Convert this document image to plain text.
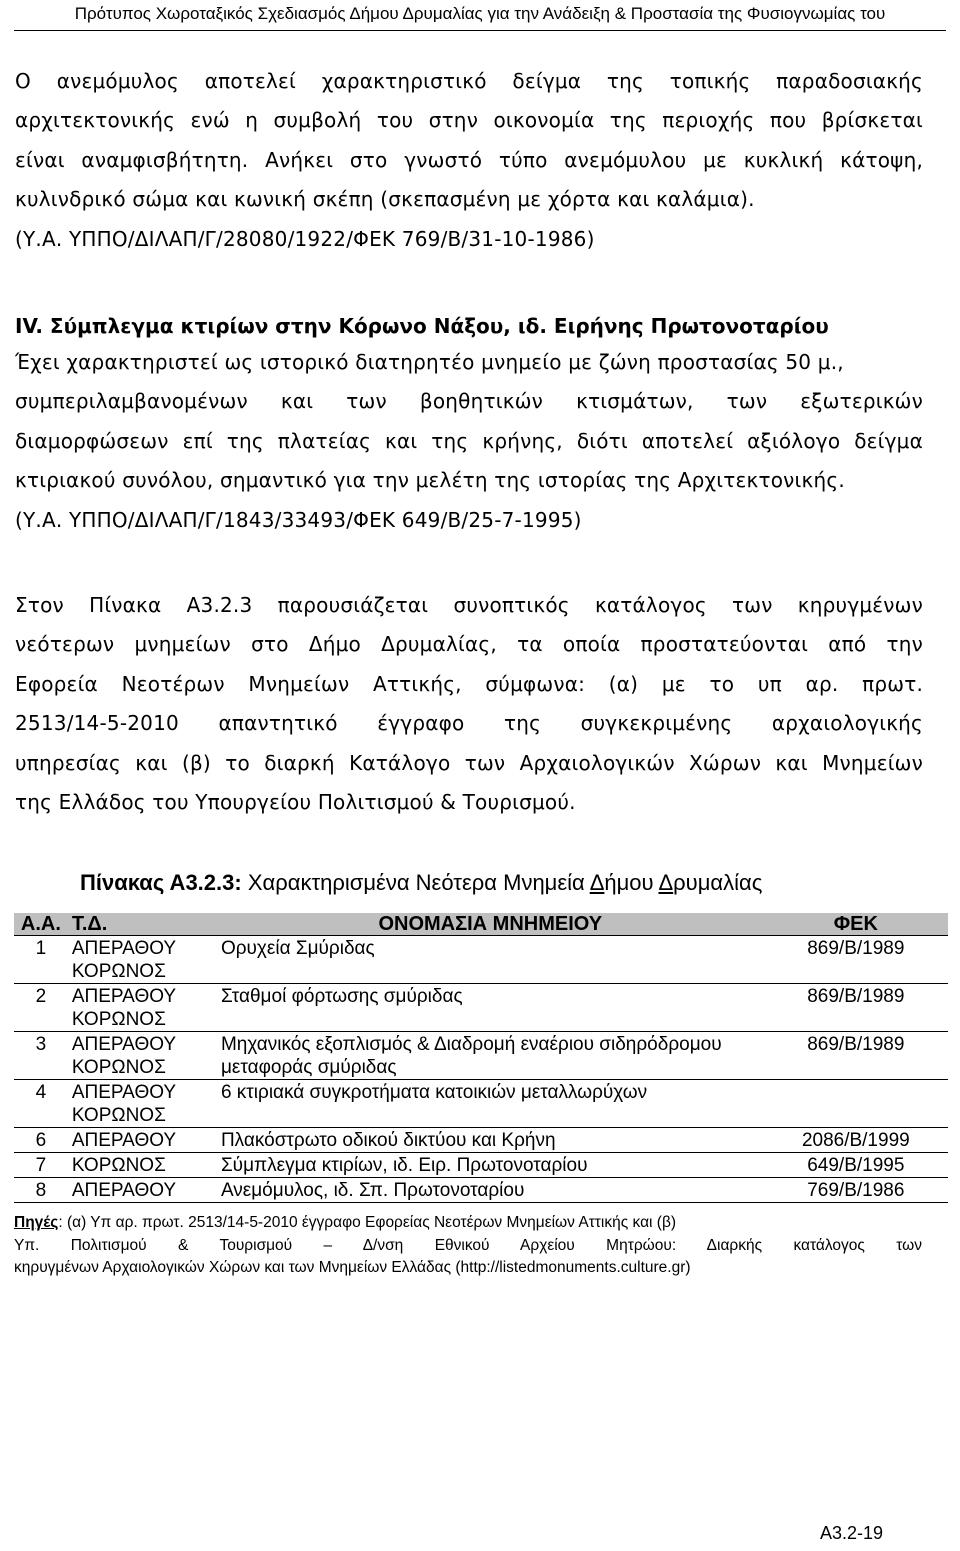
Πρότυπος Χωροταξικός Σχεδιασμός Δήμου Δρυμαλίας για την Ανάδειξη & Προστασία της Φυσιογνωμίας του
Ο ανεμόμυλος αποτελεί χαρακτηριστικό δείγμα της τοπικής παραδοσιακής
αρχιτεκτονικής ενώ η συμβολή του στην οικονομία της περιοχής που βρίσκεται
είναι αναμφισβήτητη. Ανήκει στο γνωστό τύπο ανεμόμυλου με κυκλική κάτοψη,
κυλινδρικό σώμα και κωνική σκέπη (σκεπασμένη με χόρτα και καλάμια).
(Υ.Α. ΥΠΠΟ/ΔΙΛΑΠ/Γ/28080/1922/ΦΕΚ 769/Β/31-10-1986)
IV. Σύμπλεγμα κτιρίων στην Κόρωνο Νάξου, ιδ. Ειρήνης Πρωτονοταρίου
Έχει χαρακτηριστεί ως ιστορικό διατηρητέο μνημείο με ζώνη προστασίας 50 μ.,
συμπεριλαμβανομένων και των βοηθητικών κτισμάτων, των εξωτερικών
διαμορφώσεων επί της πλατείας και της κρήνης, διότι αποτελεί αξιόλογο δείγμα
κτιριακού συνόλου, σημαντικό για την μελέτη της ιστορίας της Αρχιτεκτονικής.
(Υ.Α. ΥΠΠΟ/ΔΙΛΑΠ/Γ/1843/33493/ΦΕΚ 649/Β/25-7-1995)
Στον Πίνακα Α3.2.3 παρουσιάζεται συνοπτικός κατάλογος των κηρυγμένων
νεότερων μνημείων στο Δήμο Δρυμαλίας, τα οποία προστατεύονται από την
Εφορεία Νεοτέρων Μνημείων Αττικής, σύμφωνα: (α) με το υπ αρ. πρωτ.
2513/14-5-2010 απαντητικό έγγραφο της συγκεκριμένης αρχαιολογικής
υπηρεσίας και (β) το διαρκή Κατάλογο των Αρχαιολογικών Χώρων και Μνημείων
της Ελλάδος του Υπουργείου Πολιτισμού & Τουρισμού.
Πίνακας Α3.2.3: Χαρακτηρισμένα Νεότερα Μνημεία Δήμου Δρυμαλίας
Α.Α.	Τ.Δ.	ΟΝΟΜΑΣΙΑ ΜΝΗΜΕΙΟΥ	ΦΕΚ
1	ΑΠΕΡΑΘΟΥ ΚΟΡΩΝΟΣ	Ορυχεία Σμύριδας	869/Β/1989
2	ΑΠΕΡΑΘΟΥ ΚΟΡΩΝΟΣ	Σταθμοί φόρτωσης σμύριδας	869/Β/1989
3	ΑΠΕΡΑΘΟΥ ΚΟΡΩΝΟΣ	Μηχανικός εξοπλισμός & Διαδρομή εναέριου σιδηρόδρομου μεταφοράς σμύριδας	869/Β/1989
4	ΑΠΕΡΑΘΟΥ ΚΟΡΩΝΟΣ	6 κτιριακά συγκροτήματα κατοικιών μεταλλωρύχων	
6	ΑΠΕΡΑΘΟΥ	Πλακόστρωτο οδικού δικτύου και Κρήνη	2086/Β/1999
7	ΚΟΡΩΝΟΣ	Σύμπλεγμα κτιρίων, ιδ. Ειρ. Πρωτονοταρίου	649/Β/1995
8	ΑΠΕΡΑΘΟΥ	Ανεμόμυλος, ιδ. Σπ. Πρωτονοταρίου	769/Β/1986
Πηγές: (α) Υπ αρ. πρωτ. 2513/14-5-2010 έγγραφο Εφορείας Νεοτέρων Μνημείων Αττικής και (β)
Υπ. Πολιτισμού & Τουρισμού – Δ/νση Εθνικού Αρχείου Μητρώου: Διαρκής κατάλογος των
κηρυγμένων Αρχαιολογικών Χώρων και των Μνημείων Ελλάδας (http://listedmonuments.culture.gr)
Α3.2-19
